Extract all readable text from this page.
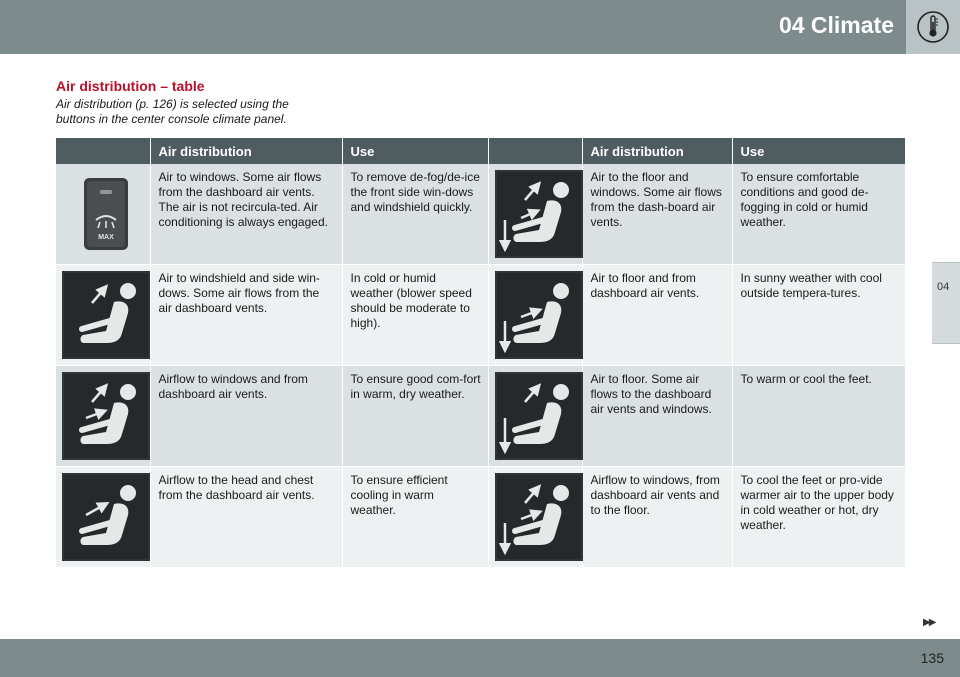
04 Climate
04
Air distribution – table
Air distribution (p. 126) is selected using the buttons in the center console climate panel.
	Air distribution	Use		Air distribution	Use

MAX	Air to windows. Some air flows from the dashboard air vents. The air is not recircula-ted. Air conditioning is always engaged.	To remove de-fog/de-ice the front side win-dows and windshield quickly.		Air to the floor and windows. Some air flows from the dash-board air vents.	To ensure comfortable conditions and good de-fogging in cold or humid weather.

	Air to windshield and side win-dows. Some air flows from the air dashboard vents.	In cold or humid weather (blower speed should be moderate to high).		Air to floor and from dashboard air vents.	In sunny weather with cool outside tempera-tures.

	Airflow to windows and from dashboard air vents.	To ensure good com-fort in warm, dry weather.		Air to floor. Some air flows to the dashboard air vents and windows.	To warm or cool the feet.

	Airflow to the head and chest from the dashboard air vents.	To ensure efficient cooling in warm weather.		Airflow to windows, from dashboard air vents and to the floor.	To cool the feet or pro-vide warmer air to the upper body in cold weather or hot, dry weather.
▶▶
135
